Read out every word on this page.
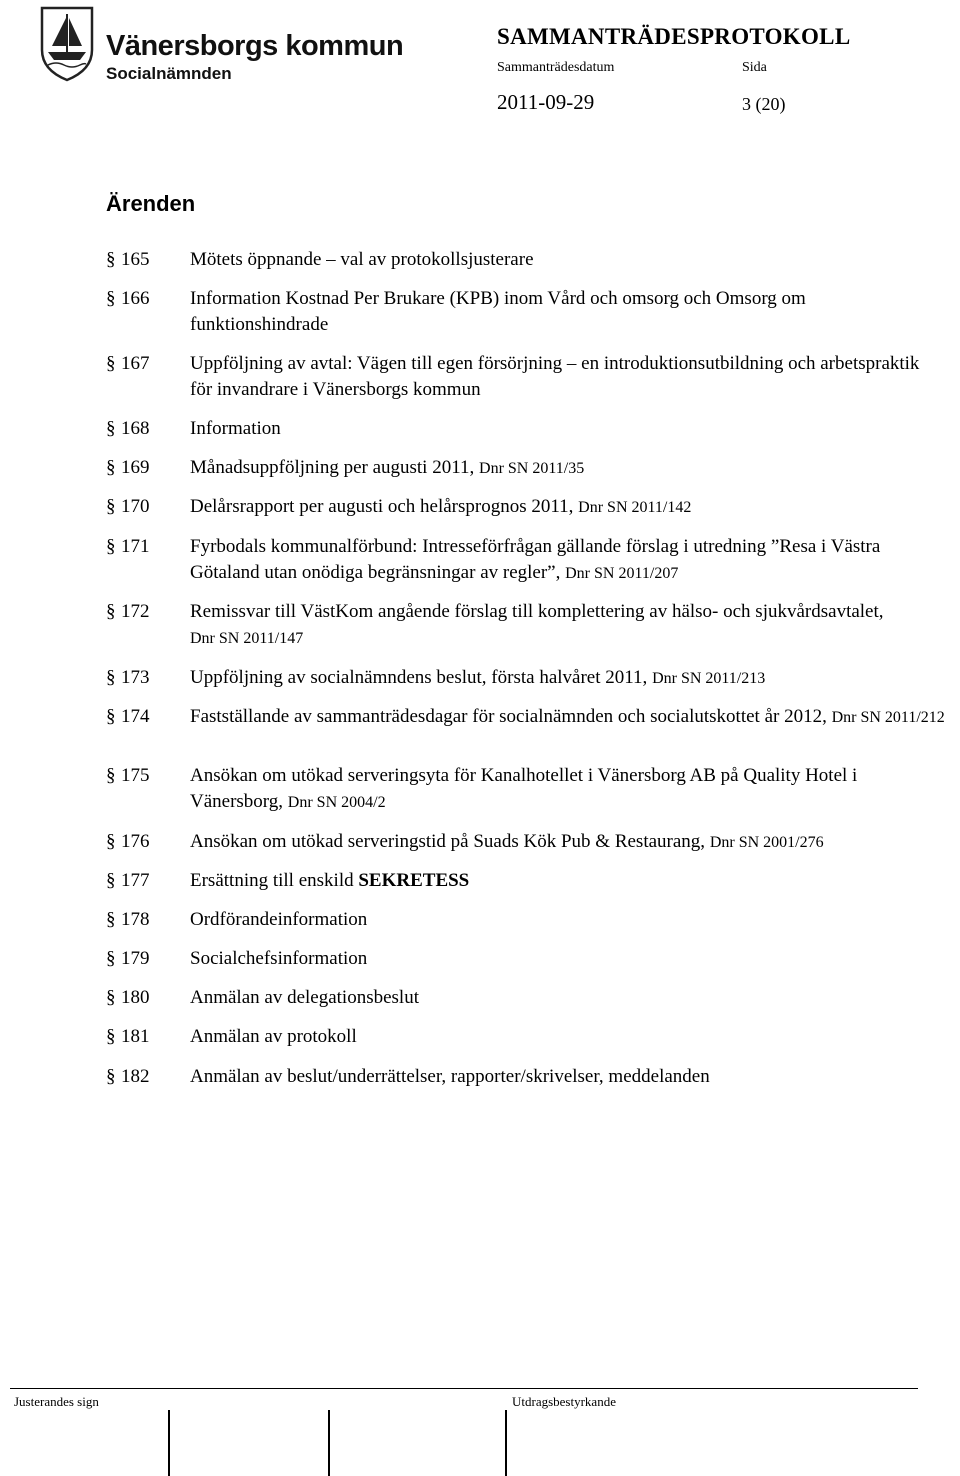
Vänersborgs kommun
Socialnämnden
SAMMANTRÄDESPROTOKOLL
Sammanträdesdatum	Sida
2011-09-29	3 (20)
Ärenden
§ 165 Mötets öppnande – val av protokollsjusterare
§ 166 Information Kostnad Per Brukare (KPB) inom Vård och omsorg och Omsorg om funktionshindrade
§ 167 Uppföljning av avtal: Vägen till egen försörjning – en introduktionsutbildning och arbetspraktik för invandrare i Vänersborgs kommun
§ 168 Information
§ 169 Månadsuppföljning per augusti 2011, Dnr SN 2011/35
§ 170 Delårsrapport per augusti och helårsprognos 2011, Dnr SN 2011/142
§ 171 Fyrbodals kommunalförbund: Intresseförfrågan gällande förslag i utredning ”Resa i Västra Götaland utan onödiga begränsningar av regler”, Dnr SN 2011/207
§ 172 Remissvar till VästKom angående förslag till komplettering av hälso- och sjukvårdsavtalet, Dnr SN 2011/147
§ 173 Uppföljning av socialnämndens beslut, första halvåret 2011, Dnr SN 2011/213
§ 174 Fastställande av sammanträdesdagar för socialnämnden och socialutskottet år 2012, Dnr SN 2011/212
§ 175 Ansökan om utökad serveringsyta för Kanalhotellet i Vänersborg AB på Quality Hotel i Vänersborg, Dnr SN 2004/2
§ 176 Ansökan om utökad serveringstid på Suads Kök Pub & Restaurang, Dnr SN 2001/276
§ 177 Ersättning till enskild SEKRETESS
§ 178 Ordförandeinformation
§ 179 Socialchefsinformation
§ 180 Anmälan av delegationsbeslut
§ 181 Anmälan av protokoll
§ 182 Anmälan av beslut/underrättelser, rapporter/skrivelser, meddelanden
Justerandes sign	Utdragsbestyrkande
